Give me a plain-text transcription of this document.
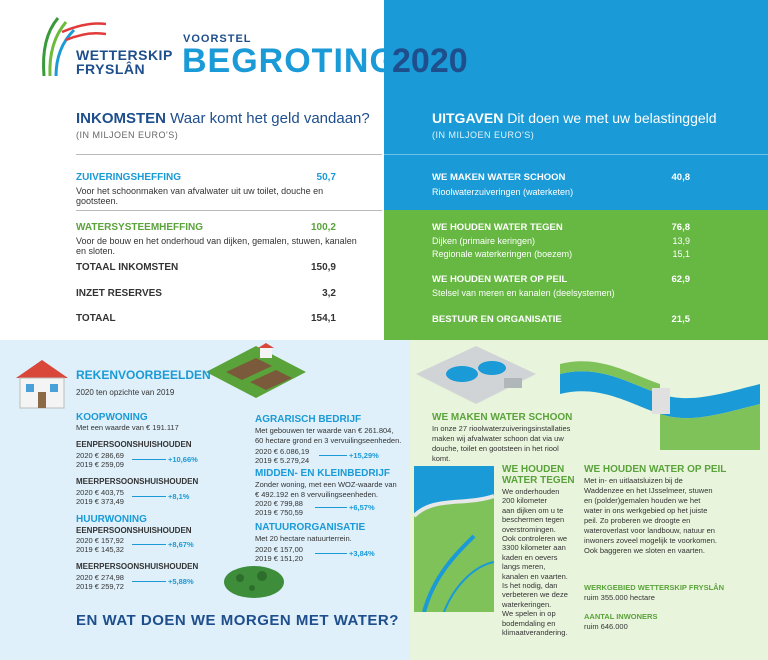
WETTERSKIP
FRYSLÂN
VOORSTEL
BEGROTING
2020
INKOMSTEN Waar komt het geld vandaan?
(IN MILJOEN EURO'S)
ZUIVERINGSHEFFING	50,7
Voor het schoonmaken van afvalwater uit uw toilet, douche en gootsteen.
WATERSYSTEEMHEFFING	100,2
Voor de bouw en het onderhoud van dijken, gemalen, stuwen, kanalen en sloten.
TOTAAL INKOMSTEN	150,9
INZET RESERVES	3,2
TOTAAL	154,1
UITGAVEN Dit doen we met uw belastinggeld
(IN MILJOEN EURO'S)
WE MAKEN WATER SCHOON	40,8
Rioolwaterzuiveringen (waterketen)
WE HOUDEN WATER TEGEN	76,8
Dijken (primaire keringen)	13,9
Regionale waterkeringen (boezem)	15,1
WE HOUDEN WATER OP PEIL	62,9
Stelsel van meren en kanalen (deelsystemen)
BESTUUR EN ORGANISATIE	21,5
REKENVOORBEELDEN
2020 ten opzichte van 2019
KOOPWONING
Met een waarde van € 191.117
EENPERSOONSHUISHOUDEN
2020 € 286,69
2019 € 259,09
+10,66%
MEERPERSOONSHUISHOUDEN
2020 € 403,75
2019 € 373,49
+8,1%
HUURWONING
EENPERSOONSHUISHOUDEN
2020 € 157,92
2019 € 145,32
+8,67%
MEERPERSOONSHUISHOUDEN
2020 € 274,98
2019 € 259,72
+5,88%
AGRARISCH BEDRIJF
Met gebouwen ter waarde van € 261.804,
60 hectare grond en 3 vervuilingseenheden.
2020 € 6.086,19
2019 € 5.279,24
+15,29%
MIDDEN- EN KLEINBEDRIJF
Zonder woning, met een WOZ-waarde van
€ 492.192 en 8 vervuilingseenheden.
2020 € 799,88
2019 € 750,59
+6,57%
NATUURORGANISATIE
Met 20 hectare natuurterrein.
2020 € 157,00
2019 € 151,20
+3,84%
EN WAT DOEN WE MORGEN MET WATER?
WE MAKEN WATER SCHOON
In onze 27 rioolwaterzuiveringsinstallaties
maken wij afvalwater schoon dat via uw
douche, toilet en gootsteen in het riool
komt.
WE HOUDEN
WATER TEGEN
We onderhouden
200 kilometer
aan dijken om u te
beschermen tegen
overstromingen.
Ook controleren we
3300 kilometer aan
kaden en oevers
langs meren,
kanalen en vaarten.
Is het nodig, dan
verbeteren we deze
waterkeringen.
We spelen in op
bodemdaling en
klimaatverandering.
WE HOUDEN WATER OP PEIL
Met in- en uitlaatsluizen bij de
Waddenzee en het IJsselmeer, stuwen
en (polder)gemalen houden we het
water in ons werkgebied op het juiste
peil. Zo proberen we droogte en
wateroverlast voor landbouw, natuur en
inwoners zoveel mogelijk te voorkomen.
Ook baggeren we sloten en vaarten.
WERKGEBIED WETTERSKIP FRYSLÂN
ruim 355.000 hectare
AANTAL INWONERS
ruim 646.000
